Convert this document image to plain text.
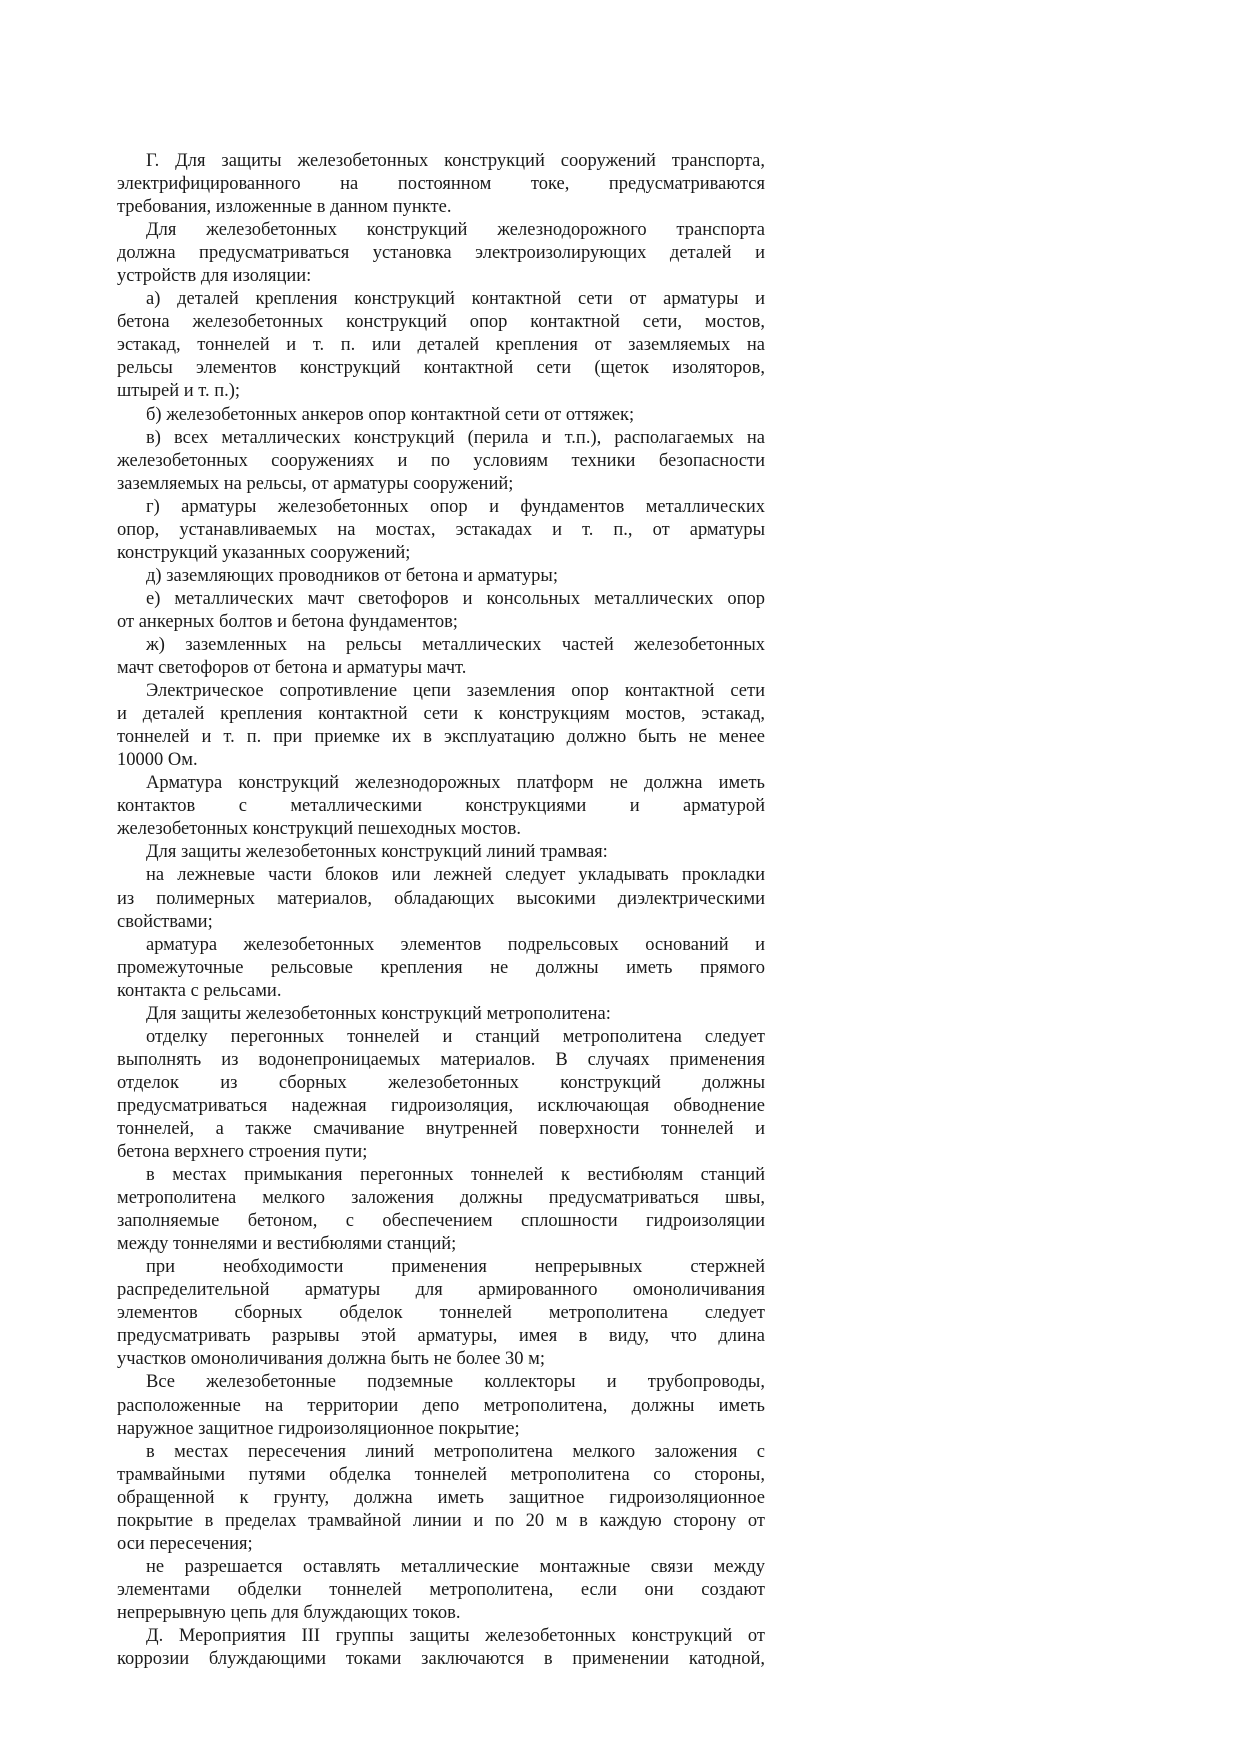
Г. Для защиты железобетонных конструкций сооружений транспорта,
электрифицированного на постоянном токе, предусматриваются
требования, изложенные в данном пункте.
Для железобетонных конструкций железнодорожного транспорта
должна предусматриваться установка электроизолирующих деталей и
устройств для изоляции:
а) деталей крепления конструкций контактной сети от арматуры и
бетона железобетонных конструкций опор контактной сети, мостов,
эстакад, тоннелей и т. п. или деталей крепления от заземляемых на
рельсы элементов конструкций контактной сети (щеток изоляторов,
штырей и т. п.);
б) железобетонных анкеров опор контактной сети от оттяжек;
в) всех металлических конструкций (перила и т.п.), располагаемых на
железобетонных сооружениях и по условиям техники безопасности
заземляемых на рельсы, от арматуры сооружений;
г) арматуры железобетонных опор и фундаментов металлических
опор, устанавливаемых на мостах, эстакадах и т. п., от арматуры
конструкций указанных сооружений;
д) заземляющих проводников от бетона и арматуры;
е) металлических мачт светофоров и консольных металлических опор
от анкерных болтов и бетона фундаментов;
ж) заземленных на рельсы металлических частей железобетонных
мачт светофоров от бетона и арматуры мачт.
Электрическое сопротивление цепи заземления опор контактной сети
и деталей крепления контактной сети к конструкциям мостов, эстакад,
тоннелей и т. п. при приемке их в эксплуатацию должно быть не менее
10000 Ом.
Арматура конструкций железнодорожных платформ не должна иметь
контактов с металлическими конструкциями и арматурой
железобетонных конструкций пешеходных мостов.
Для защиты железобетонных конструкций линий трамвая:
на лежневые части блоков или лежней следует укладывать прокладки
из полимерных материалов, обладающих высокими диэлектрическими
свойствами;
арматура железобетонных элементов подрельсовых оснований и
промежуточные рельсовые крепления не должны иметь прямого
контакта с рельсами.
Для защиты железобетонных конструкций метрополитена:
отделку перегонных тоннелей и станций метрополитена следует
выполнять из водонепроницаемых материалов. В случаях применения
отделок из сборных железобетонных конструкций должны
предусматриваться надежная гидроизоляция, исключающая обводнение
тоннелей, а также смачивание внутренней поверхности тоннелей и
бетона верхнего строения пути;
в местах примыкания перегонных тоннелей к вестибюлям станций
метрополитена мелкого заложения должны предусматриваться швы,
заполняемые бетоном, с обеспечением сплошности гидроизоляции
между тоннелями и вестибюлями станций;
при необходимости применения непрерывных стержней
распределительной арматуры для армированного омоноличивания
элементов сборных обделок тоннелей метрополитена следует
предусматривать разрывы этой арматуры, имея в виду, что длина
участков омоноличивания должна быть не более 30 м;
Все железобетонные подземные коллекторы и трубопроводы,
расположенные на территории депо метрополитена, должны иметь
наружное защитное гидроизоляционное покрытие;
в местах пересечения линий метрополитена мелкого заложения с
трамвайными путями обделка тоннелей метрополитена со стороны,
обращенной к грунту, должна иметь защитное гидроизоляционное
покрытие в пределах трамвайной линии и по 20 м в каждую сторону от
оси пересечения;
не разрешается оставлять металлические монтажные связи между
элементами обделки тоннелей метрополитена, если они создают
непрерывную цепь для блуждающих токов.
Д. Мероприятия III группы защиты железобетонных конструкций от
коррозии блуждающими токами заключаются в применении катодной,
